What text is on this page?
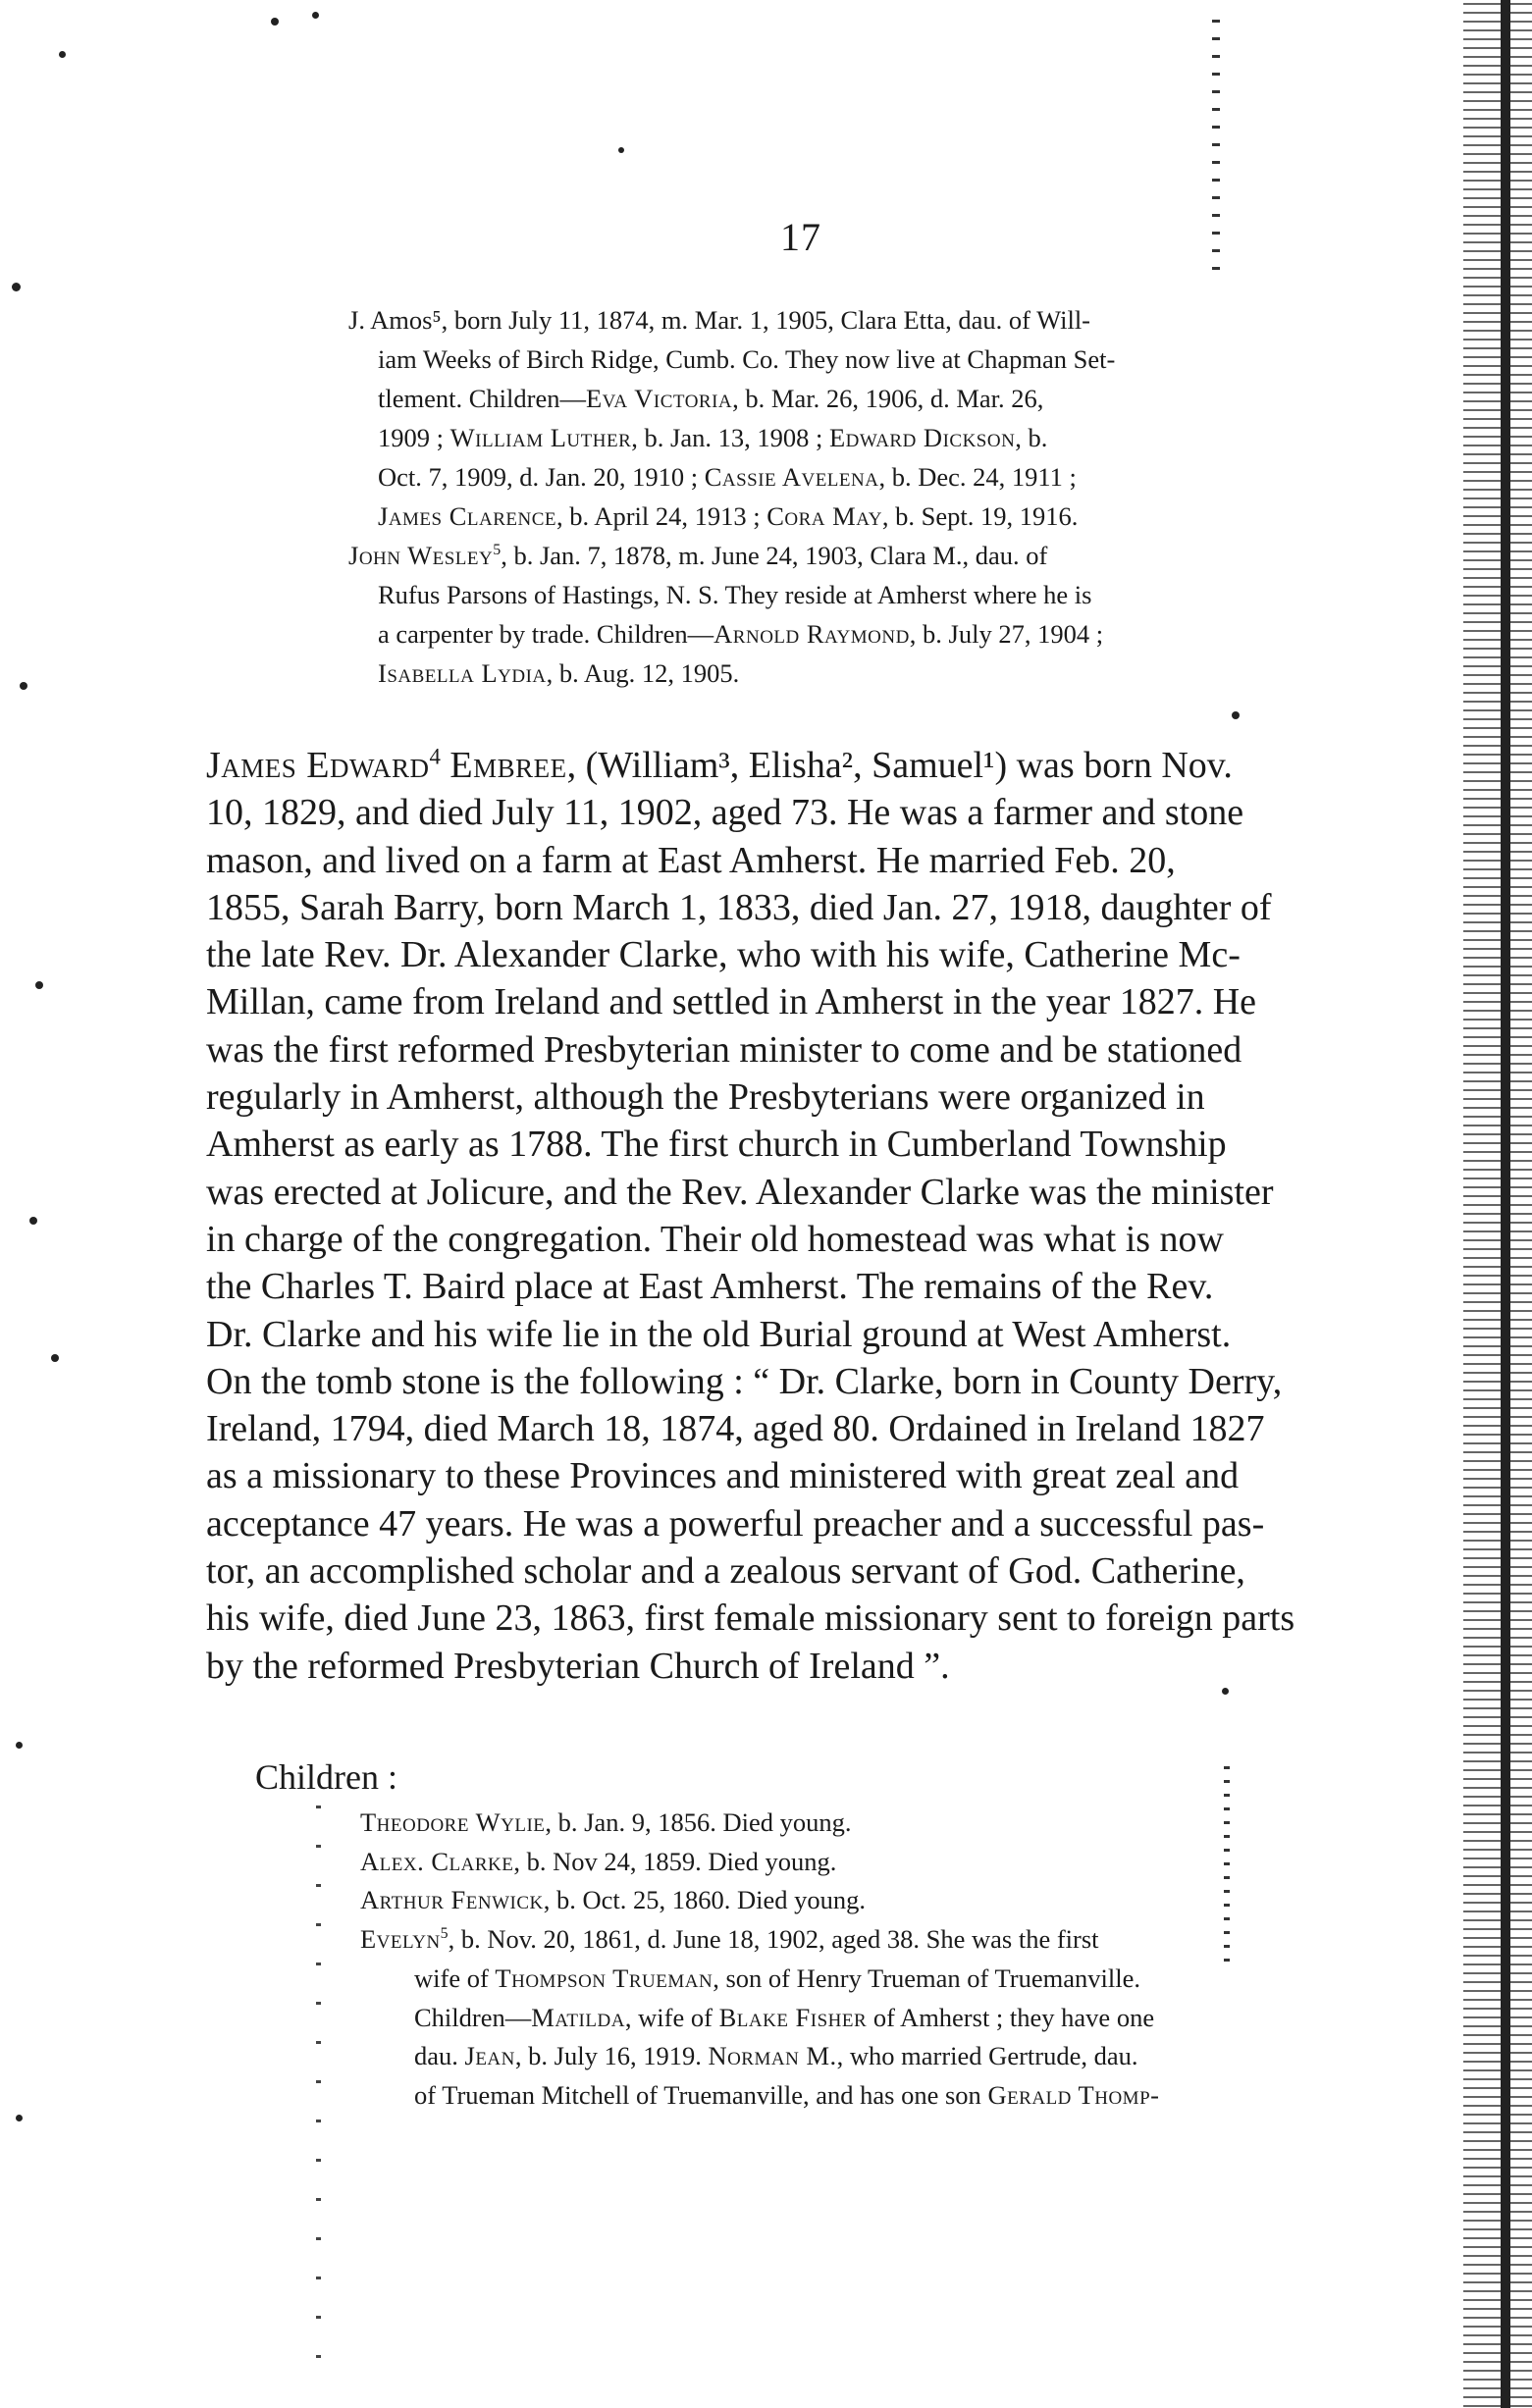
17
J. Amos⁵, born July 11, 1874, m. Mar. 1, 1905, Clara Etta, dau. of Will-
iam Weeks of Birch Ridge, Cumb. Co. They now live at Chapman Set-
tlement. Children—Eva Victoria, b. Mar. 26, 1906, d. Mar. 26,
1909 ; William Luther, b. Jan. 13, 1908 ; Edward Dickson, b.
Oct. 7, 1909, d. Jan. 20, 1910 ; Cassie Avelena, b. Dec. 24, 1911 ;
James Clarence, b. April 24, 1913 ; Cora May, b. Sept. 19, 1916.
John Wesley$^5$, b. Jan. 7, 1878, m. June 24, 1903, Clara M., dau. of
Rufus Parsons of Hastings, N. S. They reside at Amherst where he is
a carpenter by trade. Children—Arnold Raymond, b. July 27, 1904 ;
Isabella Lydia, b. Aug. 12, 1905.
James Edward$^4$ Embree, (William³, Elisha², Samuel¹) was born Nov.
10, 1829, and died July 11, 1902, aged 73. He was a farmer and stone
mason, and lived on a farm at East Amherst. He married Feb. 20,
1855, Sarah Barry, born March 1, 1833, died Jan. 27, 1918, daughter of
the late Rev. Dr. Alexander Clarke, who with his wife, Catherine Mc-
Millan, came from Ireland and settled in Amherst in the year 1827. He
was the first reformed Presbyterian minister to come and be stationed
regularly in Amherst, although the Presbyterians were organized in
Amherst as early as 1788. The first church in Cumberland Township
was erected at Jolicure, and the Rev. Alexander Clarke was the minister
in charge of the congregation. Their old homestead was what is now
the Charles T. Baird place at East Amherst. The remains of the Rev.
Dr. Clarke and his wife lie in the old Burial ground at West Amherst.
On the tomb stone is the following : “ Dr. Clarke, born in County Derry,
Ireland, 1794, died March 18, 1874, aged 80. Ordained in Ireland 1827
as a missionary to these Provinces and ministered with great zeal and
acceptance 47 years. He was a powerful preacher and a successful pas-
tor, an accomplished scholar and a zealous servant of God. Catherine,
his wife, died June 23, 1863, first female missionary sent to foreign parts
by the reformed Presbyterian Church of Ireland ”.
Children :
Theodore Wylie, b. Jan. 9, 1856. Died young.
Alex. Clarke, b. Nov 24, 1859. Died young.
Arthur Fenwick, b. Oct. 25, 1860. Died young.
Evelyn$^5$, b. Nov. 20, 1861, d. June 18, 1902, aged 38. She was the first
wife of Thompson Trueman, son of Henry Trueman of Truemanville.
Children—Matilda, wife of Blake Fisher of Amherst ; they have one
dau. Jean, b. July 16, 1919. Norman M., who married Gertrude, dau.
of Trueman Mitchell of Truemanville, and has one son Gerald Thomp-
